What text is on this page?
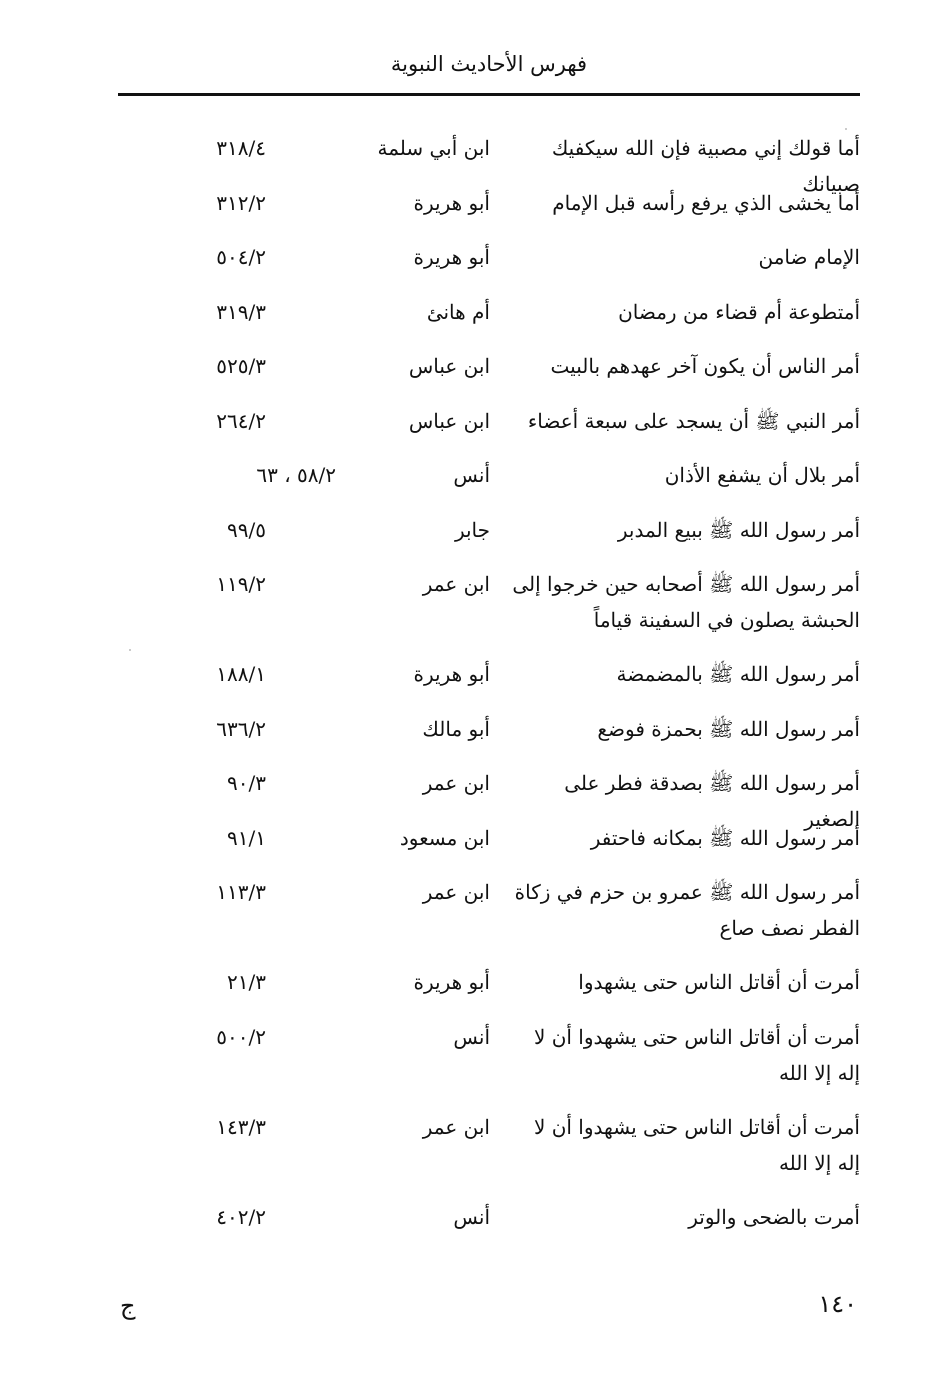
فهرس الأحاديث النبوية
أما قولك إني مصبية فإن الله سيكفيك صبيانك
ابن أبي سلمة
٣١٨/٤
أما يخشى الذي يرفع رأسه قبل الإمام
أبو هريرة
٣١٢/٢
الإمام ضامن
أبو هريرة
٥٠٤/٢
أمتطوعة أم قضاء من رمضان
أم هانئ
٣١٩/٣
أمر الناس أن يكون آخر عهدهم بالبيت
ابن عباس
٥٢٥/٣
أمر النبي ﷺ أن يسجد على سبعة أعضاء
ابن عباس
٢٦٤/٢
أمر بلال أن يشفع الأذان
أنس
٥٨/٢ ، ٦٣
أمر رسول الله ﷺ ببيع المدبر
جابر
٩٩/٥
أمر رسول الله ﷺ أصحابه حين خرجوا إلى الحبشة يصلون في السفينة قياماً
ابن عمر
١١٩/٢
أمر رسول الله ﷺ بالمضمضة
أبو هريرة
١٨٨/١
أمر رسول الله ﷺ بحمزة فوضع
أبو مالك
٦٣٦/٢
أمر رسول الله ﷺ بصدقة فطر على الصغير
ابن عمر
٩٠/٣
أمر رسول الله ﷺ بمكانه فاحتفر
ابن مسعود
٩١/١
أمر رسول الله ﷺ عمرو بن حزم في زكاة الفطر نصف صاع
ابن عمر
١١٣/٣
أمرت أن أقاتل الناس حتى يشهدوا
أبو هريرة
٢١/٣
أمرت أن أقاتل الناس حتى يشهدوا أن لا إله إلا الله
أنس
٥٠٠/٢
أمرت أن أقاتل الناس حتى يشهدوا أن لا إله إلا الله
ابن عمر
١٤٣/٣
أمرت بالضحى والوتر
أنس
٤٠٢/٢
١٤٠
ج
